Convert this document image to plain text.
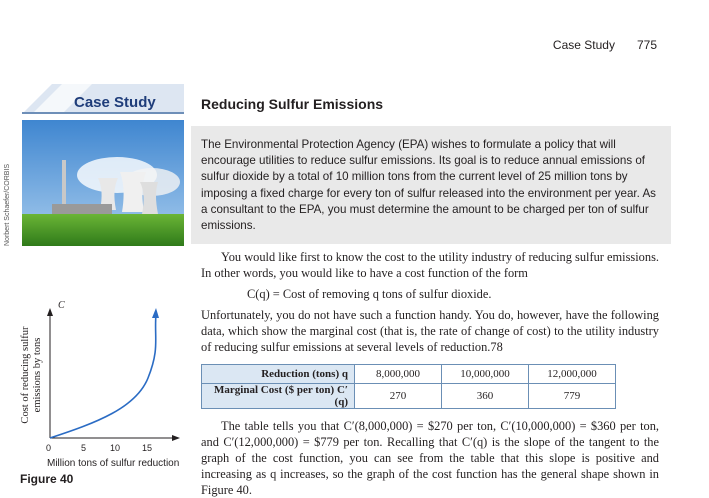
Case Study 775
Case Study	Reducing Sulfur Emissions
Norbert Schaefer/CORBIS
The Environmental Protection Agency (EPA) wishes to formulate a policy that will encourage utilities to reduce sulfur emissions. Its goal is to reduce annual emissions of sulfur dioxide by a total of 10 million tons from the current level of 25 million tons by imposing a fixed charge for every ton of sulfur released into the environment per year. As a consultant to the EPA, you must determine the amount to be charged per ton of sulfur emissions.
You would like first to know the cost to the utility industry of reducing sulfur emissions. In other words, you would like to have a cost function of the form
C(q) = Cost of removing q tons of sulfur dioxide.
Unfortunately, you do not have such a function handy. You do, however, have the following data, which show the marginal cost (that is, the rate of change of cost) to the utility industry of reducing sulfur emissions at several levels of reduction.78
Reduction (tons) q	8,000,000	10,000,000	12,000,000
Marginal Cost ($ per ton) C′(q)	270	360	779
The table tells you that C′(8,000,000) = $270 per ton, C′(10,000,000) = $360 per ton, and C′(12,000,000) = $779 per ton. Recalling that C′(q) is the slope of the tangent to the graph of the cost function, you can see from the table that this slope is positive and increasing as q increases, so the graph of the cost function has the general shape shown in Figure 40.
C
0	5	10 15
Cost of reducing sulfur emissions by tons
Million tons of sulfur reduction
Figure 40
